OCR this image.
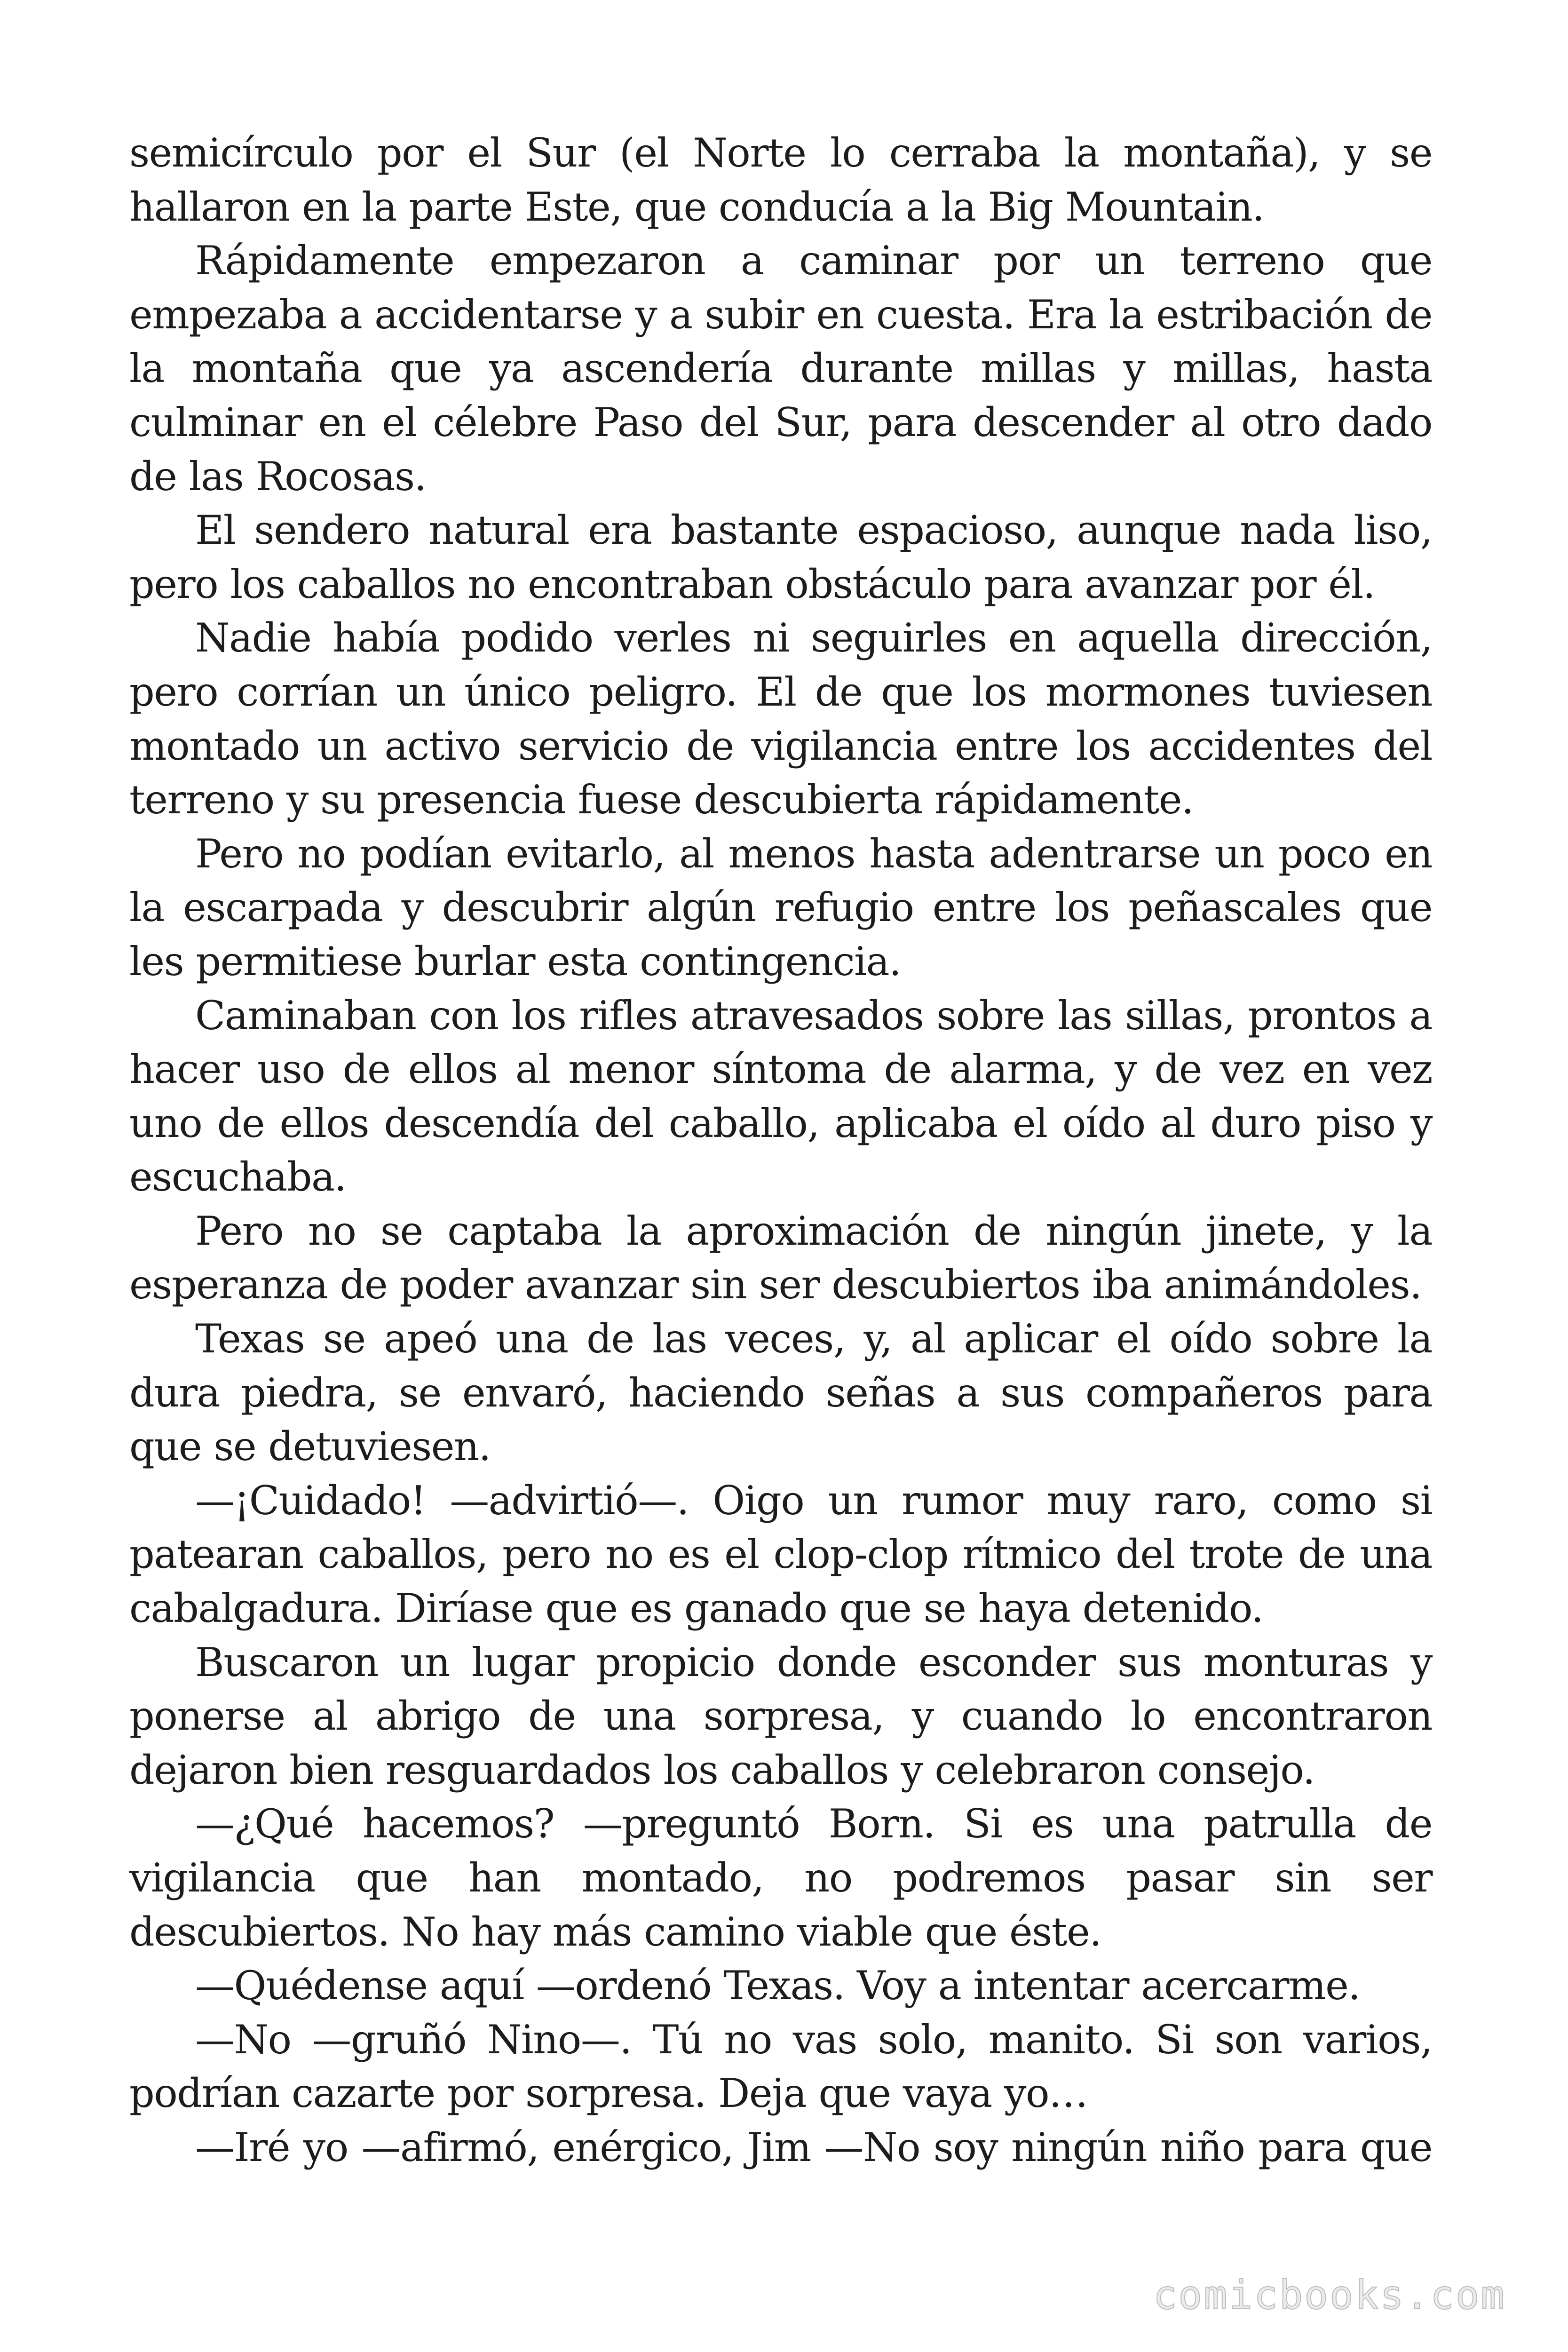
semicírculo por el Sur (el Norte lo cerraba la montaña), y se hallaron en la parte Este, que conducía a la Big Mountain.

Rápidamente empezaron a caminar por un terreno que empezaba a accidentarse y a subir en cuesta. Era la estribación de la montaña que ya ascendería durante millas y millas, hasta culminar en el célebre Paso del Sur, para descender al otro dado de las Rocosas.

El sendero natural era bastante espacioso, aunque nada liso, pero los caballos no encontraban obstáculo para avanzar por él.

Nadie había podido verles ni seguirles en aquella dirección, pero corrían un único peligro. El de que los mormones tuviesen montado un activo servicio de vigilancia entre los accidentes del terreno y su presencia fuese descubierta rápidamente.

Pero no podían evitarlo, al menos hasta adentrarse un poco en la escarpada y descubrir algún refugio entre los peñascales que les permitiese burlar esta contingencia.

Caminaban con los rifles atravesados sobre las sillas, prontos a hacer uso de ellos al menor síntoma de alarma, y de vez en vez uno de ellos descendía del caballo, aplicaba el oído al duro piso y escuchaba.

Pero no se captaba la aproximación de ningún jinete, y la esperanza de poder avanzar sin ser descubiertos iba animándoles.

Texas se apeó una de las veces, y, al aplicar el oído sobre la dura piedra, se envaró, haciendo señas a sus compañeros para que se detuviesen.

—¡Cuidado! —advirtió—. Oigo un rumor muy raro, como si patearan caballos, pero no es el clop-clop rítmico del trote de una cabalgadura. Diríase que es ganado que se haya detenido.

Buscaron un lugar propicio donde esconder sus monturas y ponerse al abrigo de una sorpresa, y cuando lo encontraron dejaron bien resguardados los caballos y celebraron consejo.

—¿Qué hacemos? —preguntó Born. Si es una patrulla de vigilancia que han montado, no podremos pasar sin ser descubiertos. No hay más camino viable que éste.

—Quédense aquí —ordenó Texas. Voy a intentar acercarme.

—No —gruñó Nino—. Tú no vas solo, manito. Si son varios, podrían cazarte por sorpresa. Deja que vaya yo…

—Iré yo —afirmó, enérgico, Jim —No soy ningún niño para que

comicbooks.com
